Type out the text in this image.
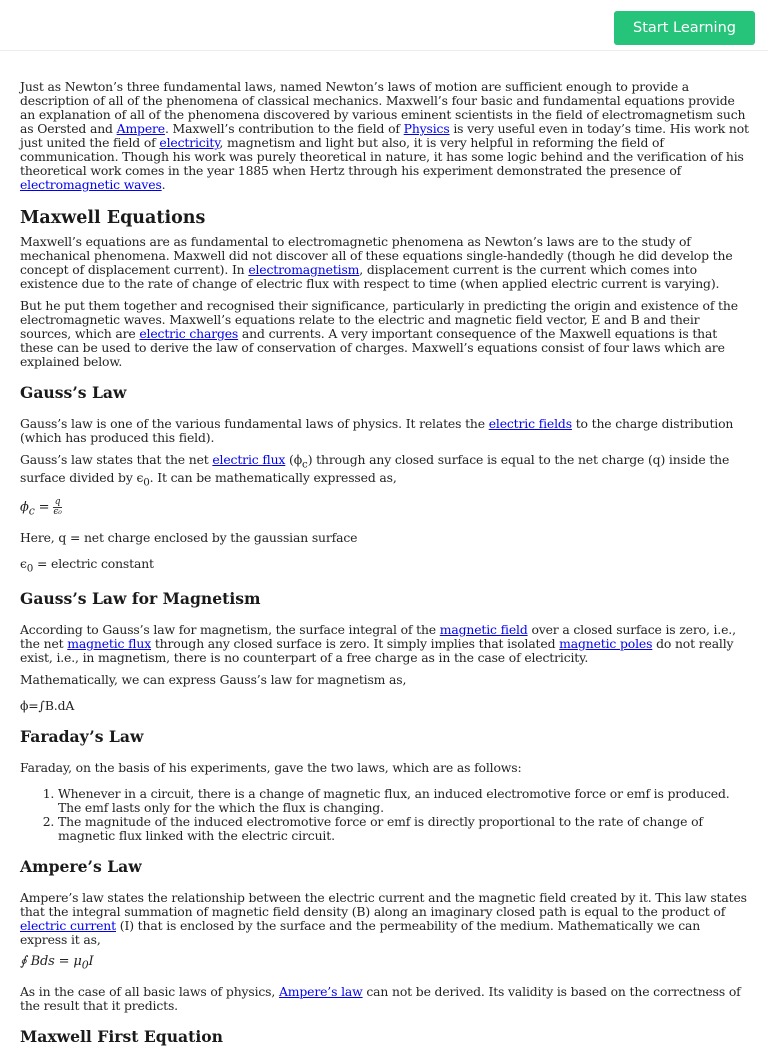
Start Learning

Just as Newton’s three fundamental laws, named Newton’s laws of motion are sufficient enough to provide a description of all of the phenomena of classical mechanics. Maxwell’s four basic and fundamental equations provide an explanation of all of the phenomena discovered by various eminent scientists in the field of electromagnetism such as Oersted and Ampere. Maxwell’s contribution to the field of Physics is very useful even in today’s time. His work not just united the field of electricity, magnetism and light but also, it is very helpful in reforming the field of communication. Though his work was purely theoretical in nature, it has some logic behind and the verification of his theoretical work comes in the year 1885 when Hertz through his experiment demonstrated the presence of electromagnetic waves.

Maxwell Equations

Maxwell’s equations are as fundamental to electromagnetic phenomena as Newton’s laws are to the study of mechanical phenomena. Maxwell did not discover all of these equations single-handedly (though he did develop the concept of displacement current). In electromagnetism, displacement current is the current which comes into existence due to the rate of change of electric flux with respect to time (when applied electric current is varying).

But he put them together and recognised their significance, particularly in predicting the origin and existence of the electromagnetic waves. Maxwell’s equations relate to the electric and magnetic field vector, E and B and their sources, which are electric charges and currents. A very important consequence of the Maxwell equations is that these can be used to derive the law of conservation of charges. Maxwell’s equations consist of four laws which are explained below.

Gauss’s Law

Gauss’s law is one of the various fundamental laws of physics. It relates the electric fields to the charge distribution (which has produced this field).

Gauss’s law states that the net electric flux $(\phi_c)$ through any closed surface is equal to the net charge (q) inside the surface divided by $\epsilon_0$. It can be mathematically expressed as,

$\phi_c = \frac{q}{\text{ϵ₀}}$

Here, q = net charge enclosed by the gaussian surface

$\epsilon_0$ = electric constant

Gauss’s Law for Magnetism

According to Gauss’s law for magnetism, the surface integral of the magnetic field over a closed surface is zero, i.e., the net magnetic flux through any closed surface is zero. It simply implies that isolated magnetic poles do not really exist, i.e., in magnetism, there is no counterpart of a free charge as in the case of electricity.

Mathematically, we can express Gauss’s law for magnetism as,

ϕ=∫B.dA

Faraday’s Law

Faraday, on the basis of his experiments, gave the two laws, which are as follows:

1. Whenever in a circuit, there is a change of magnetic flux, an induced electromotive force or emf is produced. The emf lasts only for the which the flux is changing.
2. The magnitude of the induced electromotive force or emf is directly proportional to the rate of change of magnetic flux linked with the electric circuit.
Ampere’s Law

Ampere’s law states the relationship between the electric current and the magnetic field created by it. This law states that the integral summation of magnetic field density (B) along an imaginary closed path is equal to the product of electric current (I) that is enclosed by the surface and the permeability of the medium. Mathematically we can express it as,

∮ Bds = $\mu_0I$

As in the case of all basic laws of physics, Ampere’s law can not be derived. Its validity is based on the correctness of the result that it predicts.

Maxwell First Equation
